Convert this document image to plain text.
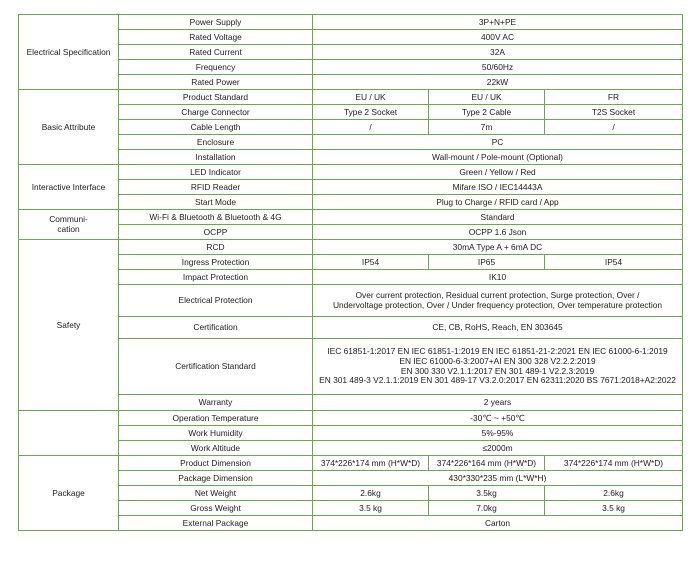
Electrical Specification	Power Supply	3P+N+PE		
	Rated Voltage	400V AC		
	Rated Current	32A		
	Frequency	50/60Hz		
	Rated Power	22kW		
Basic Attribute	Product Standard	EU / UK	EU / UK	FR
	Charge Connector	Type 2 Socket	Type 2 Cable	T2S Socket
	Cable Length	/	7m	/
	Enclosure	PC		
	Installation	Wall-mount / Pole-mount (Optional)		
Interactive Interface	LED Indicator	Green / Yellow / Red		
	RFID Reader	Mifare ISO / IEC14443A		
	Start Mode	Plug to Charge / RFID card / App		
Communi-
cation	Wi-Fi & Bluetooth & Bluetooth & 4G	Standard		
	OCPP	OCPP 1.6 Json		
Safety	RCD	30mA Type A + 6mA DC		
	Ingress Protection	IP54	IP65	IP54
	Impact Protection	IK10		
	Electrical Protection	Over current protection, Residual current protection, Surge protection, Over /
Undervoltage protection, Over / Under frequency protection, Over temperature protection		
	Certification	CE, CB, RoHS, Reach, EN 303645		
	Certification Standard	IEC 61851-1:2017 EN IEC 61851-1:2019 EN IEC 61851-21-2:2021 EN IEC 61000-6-1:2019
EN IEC 61000-6-3:2007+AI EN 300 328 V2.2.2:2019
EN 300 330 V2.1.1:2017 EN 301 489-1 V2.2.3:2019
EN 301 489-3 V2.1.1:2019 EN 301 489-17 V3.2.0:2017 EN 62311:2020 BS 7671:2018+A2:2022		
	Warranty	2 years		
	Operation Temperature	-30℃ ~ +50℃		
	Work Humidity	5%-95%		
	Work Altitude	≤2000m		
Package	Product Dimension	374*226*174 mm (H*W*D)	374*226*164 mm (H*W*D)	374*226*174 mm (H*W*D)
	Package Dimension	430*330*235 mm (L*W*H)		
	Net Weight	2.6kg	3.5kg	2.6kg
	Gross Weight	3.5 kg	7.0kg	3.5 kg
	External Package	Carton		
